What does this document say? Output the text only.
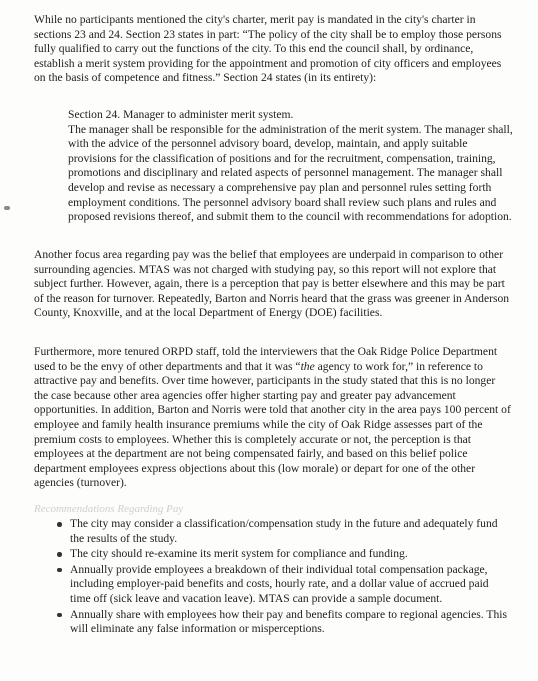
While no participants mentioned the city's charter, merit pay is mandated in the city's charter in sections 23 and 24. Section 23 states in part: “The policy of the city shall be to employ those persons fully qualified to carry out the functions of the city. To this end the council shall, by ordinance, establish a merit system providing for the appointment and promotion of city officers and employees on the basis of competence and fitness.” Section 24 states (in its entirety):

Section 24. Manager to administer merit system.
The manager shall be responsible for the administration of the merit system. The manager shall, with the advice of the personnel advisory board, develop, maintain, and apply suitable provisions for the classification of positions and for the recruitment, compensation, training, promotions and disciplinary and related aspects of personnel management. The manager shall develop and revise as necessary a comprehensive pay plan and personnel rules setting forth employment conditions. The personnel advisory board shall review such plans and rules and proposed revisions thereof, and submit them to the council with recommendations for adoption.

Another focus area regarding pay was the belief that employees are underpaid in comparison to other surrounding agencies. MTAS was not charged with studying pay, so this report will not explore that subject further. However, again, there is a perception that pay is better elsewhere and this may be part of the reason for turnover. Repeatedly, Barton and Norris heard that the grass was greener in Anderson County, Knoxville, and at the local Department of Energy (DOE) facilities.

Furthermore, more tenured ORPD staff, told the interviewers that the Oak Ridge Police Department used to be the envy of other departments and that it was “the agency to work for,” in reference to attractive pay and benefits. Over time however, participants in the study stated that this is no longer the case because other area agencies offer higher starting pay and greater pay advancement opportunities. In addition, Barton and Norris were told that another city in the area pays 100 percent of employee and family health insurance premiums while the city of Oak Ridge assesses part of the premium costs to employees. Whether this is completely accurate or not, the perception is that employees at the department are not being compensated fairly, and based on this belief police department employees express objections about this (low morale) or depart for one of the other agencies (turnover).

Recommendations Regarding Pay
The city may consider a classification/compensation study in the future and adequately fund the results of the study.
The city should re-examine its merit system for compliance and funding.
Annually provide employees a breakdown of their individual total compensation package, including employer-paid benefits and costs, hourly rate, and a dollar value of accrued paid time off (sick leave and vacation leave). MTAS can provide a sample document.
Annually share with employees how their pay and benefits compare to regional agencies. This will eliminate any false information or misperceptions.
